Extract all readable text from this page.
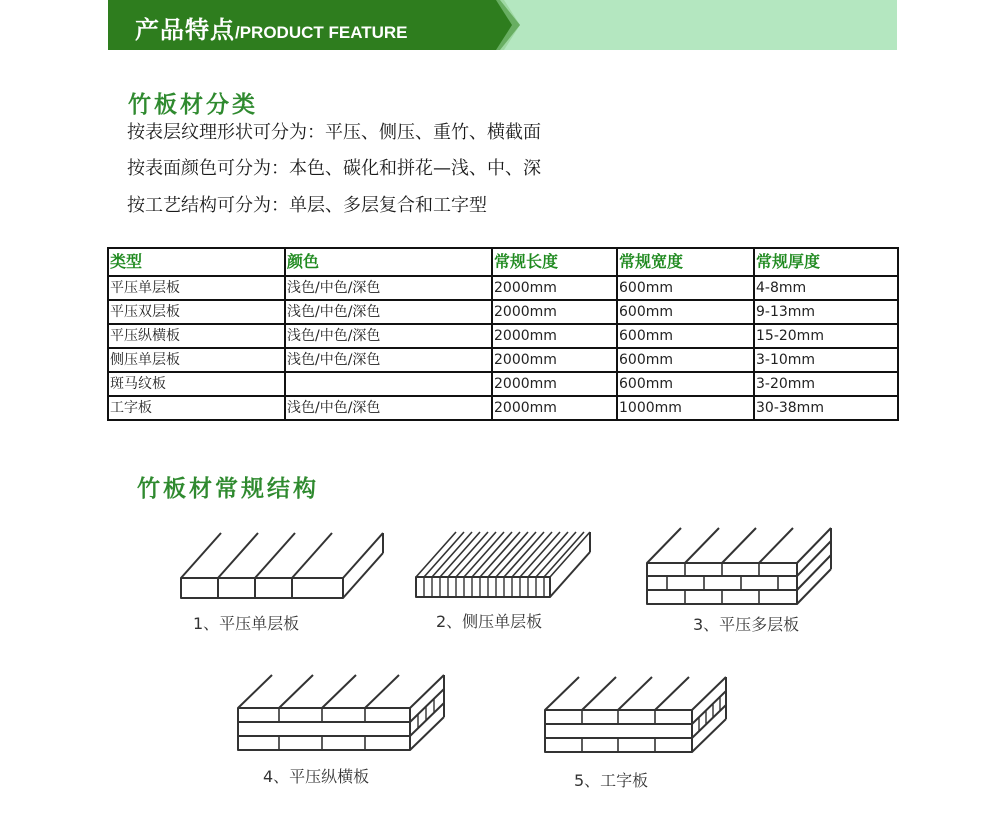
产品特点/PRODUCT FEATURE
竹板材分类
按表层纹理形状可分为：平压、侧压、重竹、横截面
按表面颜色可分为：本色、碳化和拼花—浅、中、深
按工艺结构可分为：单层、多层复合和工字型
类型	颜色	常规长度	常规宽度	常规厚度
平压单层板	浅色/中色/深色	2000mm	600mm	4-8mm
平压双层板	浅色/中色/深色	2000mm	600mm	9-13mm
平压纵横板	浅色/中色/深色	2000mm	600mm	15-20mm
侧压单层板	浅色/中色/深色	2000mm	600mm	3-10mm
斑马纹板		2000mm	600mm	3-20mm
工字板	浅色/中色/深色	2000mm	1000mm	30-38mm
竹板材常规结构
1、平压单层板	2、侧压单层板	3、平压多层板
4、平压纵横板	5、工字板
